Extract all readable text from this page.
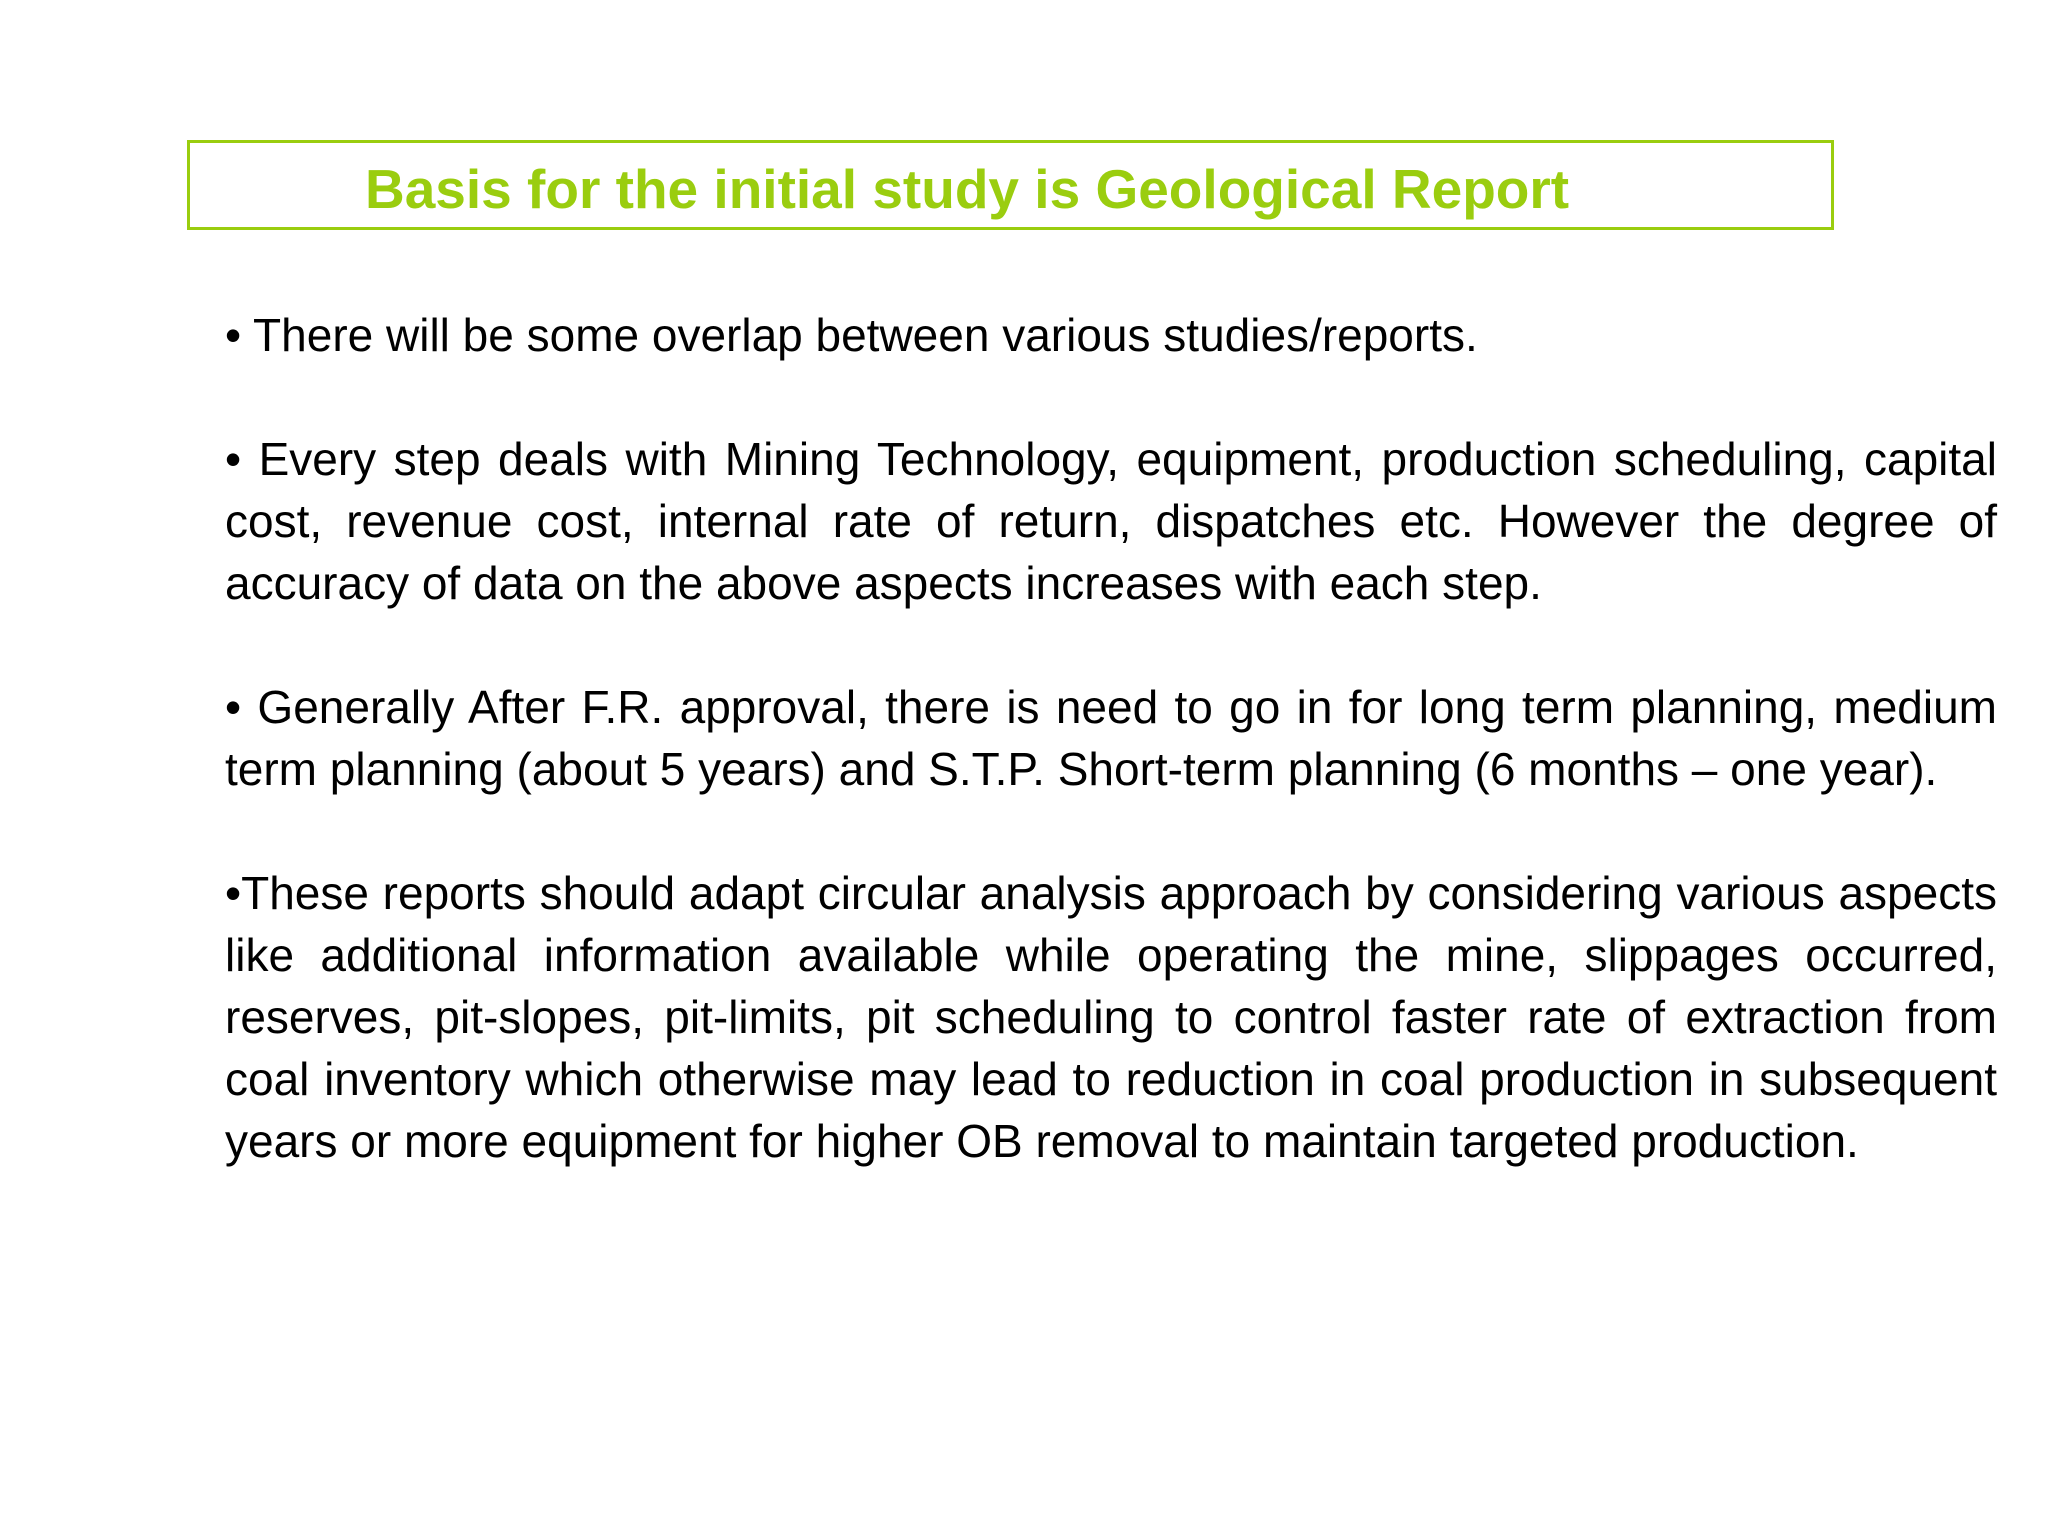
Basis for the initial study is Geological Report

• There will be some overlap between various studies/reports.

• Every step deals with Mining Technology, equipment, production scheduling, capital cost, revenue cost, internal rate of return, dispatches etc. However the degree of accuracy of data on the above aspects increases with each step.

• Generally After F.R. approval, there is need to go in for long term planning, medium term planning (about 5 years) and S.T.P. Short-term planning (6 months – one year).

•These reports should adapt circular analysis approach by considering various aspects like additional information available while operating the mine, slippages occurred, reserves, pit-slopes, pit-limits, pit scheduling to control faster rate of extraction from coal inventory which otherwise may lead to reduction in coal production in subsequent years or more equipment for higher OB removal to maintain targeted production.
